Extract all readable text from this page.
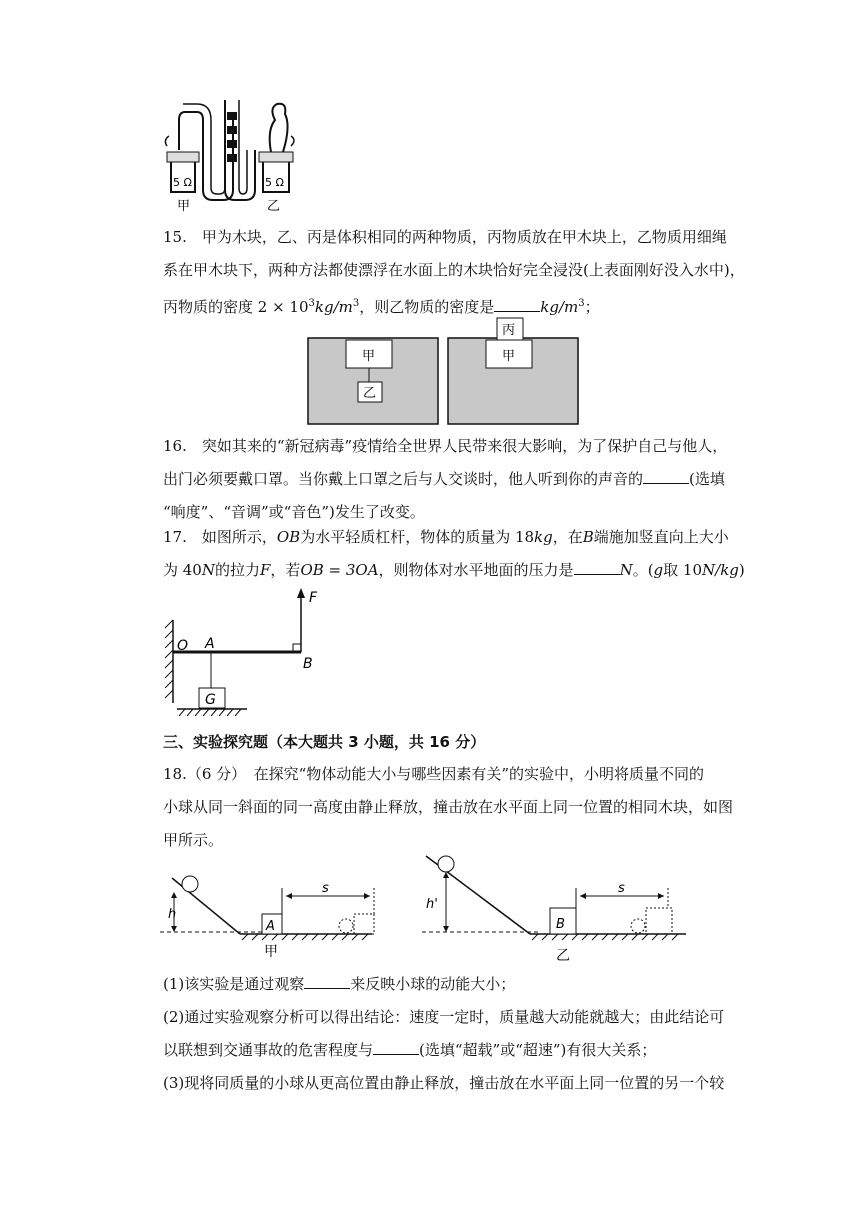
5 Ω	5 Ω
甲	乙
15.　甲为木块，乙、丙是体积相同的两种物质，丙物质放在甲木块上，乙物质用细绳
系在甲木块下，两种方法都使漂浮在水面上的木块恰好完全浸没(上表面刚好没入水中)，
丙物质的密度 $2 \times 10^3kg/m^3$，则乙物质的密度是	$kg/m^3$；
甲
乙
甲
丙
16.　突如其来的“新冠病毒”疫情给全世界人民带来很大影响，为了保护自己与他人，
出门必须要戴口罩。当你戴上口罩之后与人交谈时，他人听到你的声音的	(选填
“响度”、“音调”或“音色”)发生了改变。
17.　如图所示，OB为水平轻质杠杆，物体的质量为 18kg，在B端施加竖直向上大小
为 40N的拉力F，若OB = 3OA，则物体对水平地面的压力是	N。(g取 10N/kg)
F
O A
B
G
三、实验探究题（本大题共 3 小题，共 16 分）
18.（6 分）　在探究“物体动能大小与哪些因素有关”的实验中，小明将质量不同的
小球从同一斜面的同一高度由静止释放，撞击放在水平面上同一位置的相同木块，如图
甲所示。
h
A
s
甲
h'
B
s
乙
(1)该实验是通过观察	来反映小球的动能大小；
(2)通过实验观察分析可以得出结论：速度一定时，质量越大动能就越大；由此结论可
以联想到交通事故的危害程度与	(选填“超载”或“超速”)有很大关系；
(3)现将同质量的小球从更高位置由静止释放，撞击放在水平面上同一位置的另一个较
